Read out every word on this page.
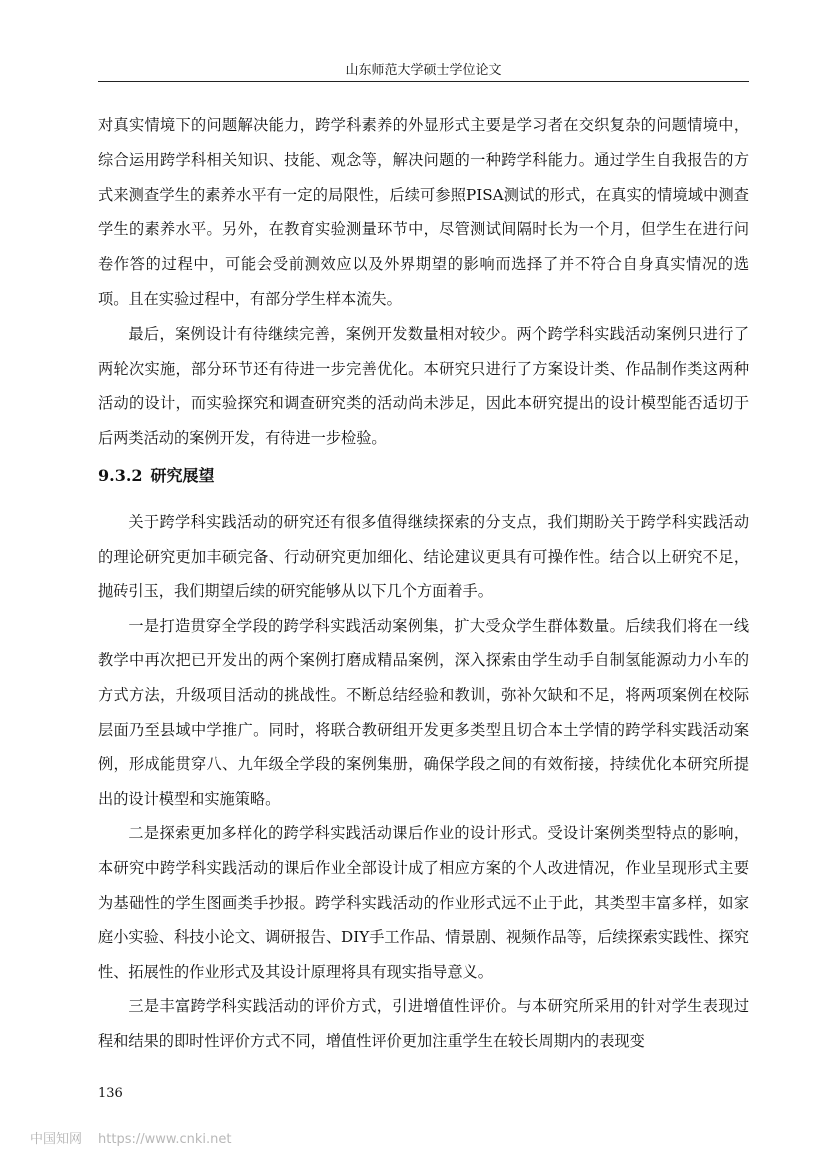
山东师范大学硕士学位论文

对真实情境下的问题解决能力，跨学科素养的外显形式主要是学习者在交织复杂的问题情境中，综合运用跨学科相关知识、技能、观念等，解决问题的一种跨学科能力。通过学生自我报告的方式来测查学生的素养水平有一定的局限性，后续可参照PISA测试的形式，在真实的情境域中测查学生的素养水平。另外，在教育实验测量环节中，尽管测试间隔时长为一个月，但学生在进行问卷作答的过程中，可能会受前测效应以及外界期望的影响而选择了并不符合自身真实情况的选项。且在实验过程中，有部分学生样本流失。

最后，案例设计有待继续完善，案例开发数量相对较少。两个跨学科实践活动案例只进行了两轮次实施，部分环节还有待进一步完善优化。本研究只进行了方案设计类、作品制作类这两种活动的设计，而实验探究和调查研究类的活动尚未涉足，因此本研究提出的设计模型能否适切于后两类活动的案例开发，有待进一步检验。

9.3.2 研究展望

关于跨学科实践活动的研究还有很多值得继续探索的分支点，我们期盼关于跨学科实践活动的理论研究更加丰硕完备、行动研究更加细化、结论建议更具有可操作性。结合以上研究不足，抛砖引玉，我们期望后续的研究能够从以下几个方面着手。

一是打造贯穿全学段的跨学科实践活动案例集，扩大受众学生群体数量。后续我们将在一线教学中再次把已开发出的两个案例打磨成精品案例，深入探索由学生动手自制氢能源动力小车的方式方法，升级项目活动的挑战性。不断总结经验和教训，弥补欠缺和不足，将两项案例在校际层面乃至县域中学推广。同时，将联合教研组开发更多类型且切合本土学情的跨学科实践活动案例，形成能贯穿八、九年级全学段的案例集册，确保学段之间的有效衔接，持续优化本研究所提出的设计模型和实施策略。

二是探索更加多样化的跨学科实践活动课后作业的设计形式。受设计案例类型特点的影响，本研究中跨学科实践活动的课后作业全部设计成了相应方案的个人改进情况，作业呈现形式主要为基础性的学生图画类手抄报。跨学科实践活动的作业形式远不止于此，其类型丰富多样，如家庭小实验、科技小论文、调研报告、DIY手工作品、情景剧、视频作品等，后续探索实践性、探究性、拓展性的作业形式及其设计原理将具有现实指导意义。

三是丰富跨学科实践活动的评价方式，引进增值性评价。与本研究所采用的针对学生表现过程和结果的即时性评价方式不同，增值性评价更加注重学生在较长周期内的表现变

136
中国知网 https://www.cnki.net
